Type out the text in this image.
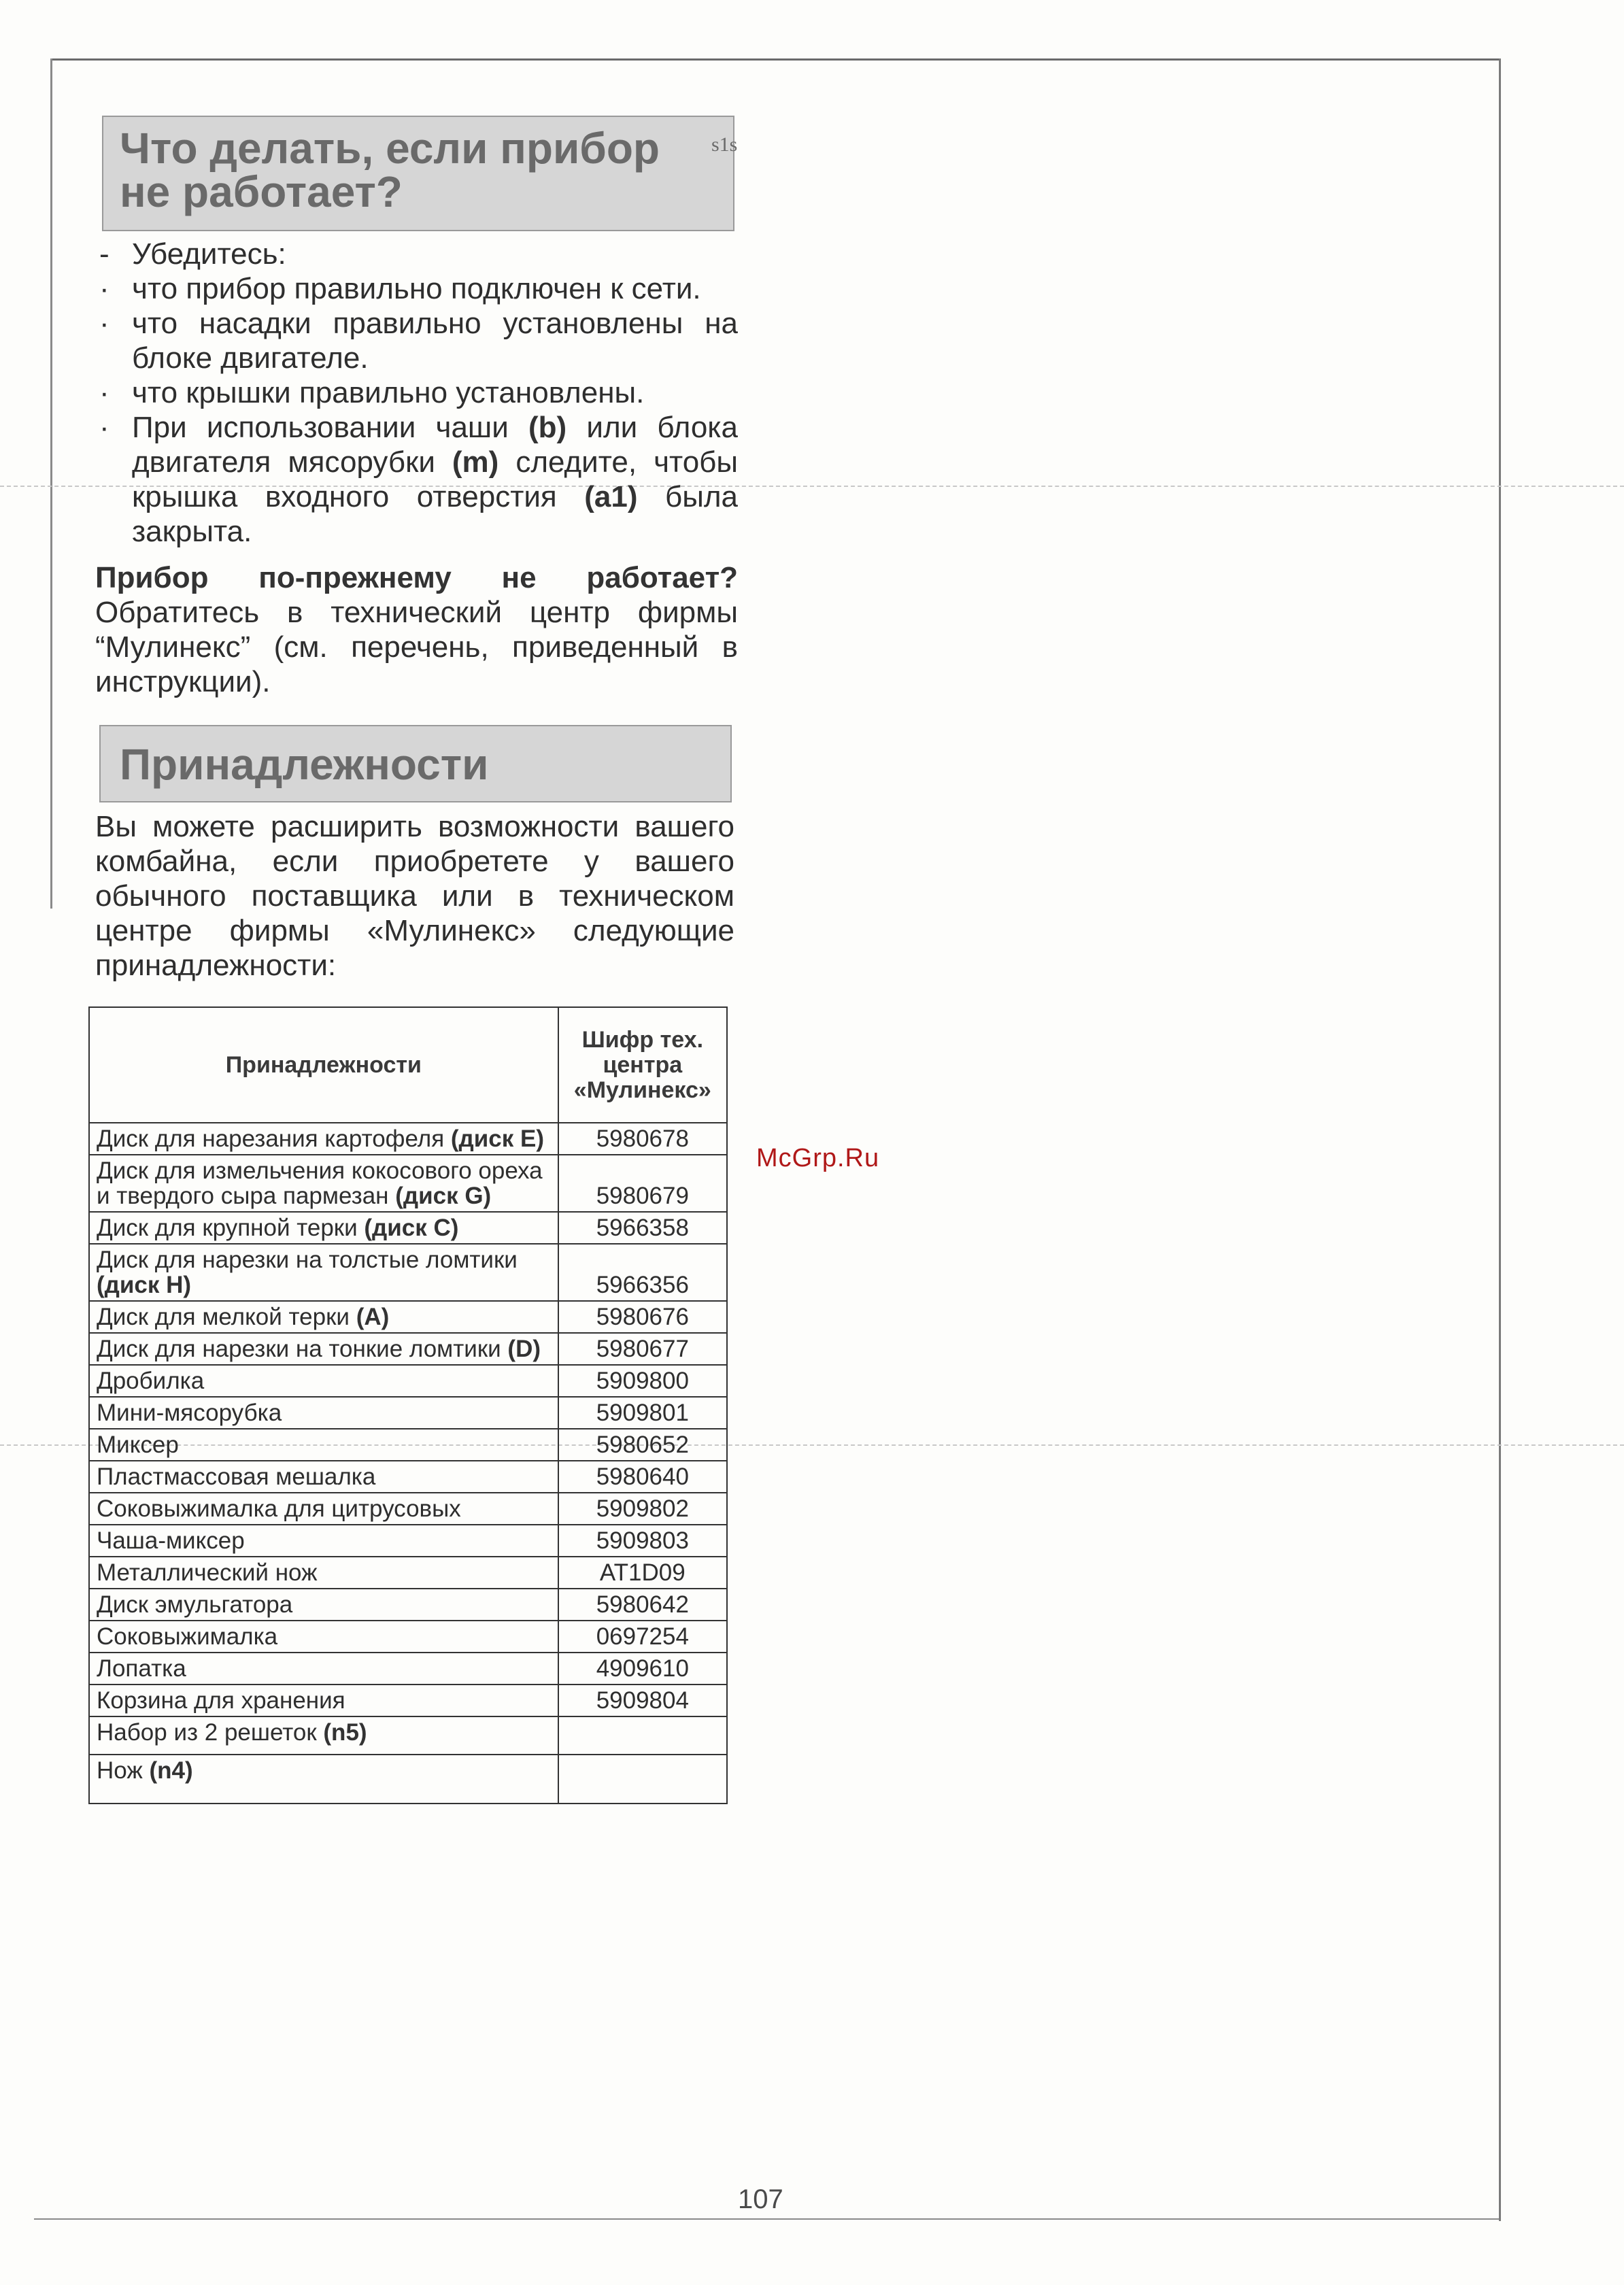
Что делать, если прибор не работает?
s1s
- Убедитесь:
· что прибор правильно подключен к сети.
· что насадки правильно установлены на блоке двигателе.
· что крышки правильно установлены.
· При использовании чаши (b) или блока двигателя мясорубки (m) следите, чтобы крышка входного отверстия (a1) была закрыта.
Прибор по-прежнему не работает? Обратитесь в технический центр фирмы “Мулинекс” (см. перечень, приведенный в инструкции).
Принадлежности
Вы можете расширить возможности вашего комбайна, если приобретете у вашего обычного поставщика или в техническом центре фирмы «Мулинекс» следующие принадлежности:
Принадлежности	Шифр тех. центра «Мулинекс»
Диск для нарезания картофеля (диск E)	5980678
Диск для измельчения кокосового ореха и твердого сыра пармезан (диск G)	5980679
Диск для крупной терки (диск C)	5966358
Диск для нарезки на толстые ломтики (диск H)	5966356
Диск для мелкой терки (A)	5980676
Диск для нарезки на тонкие ломтики (D)	5980677
Дробилка	5909800
Мини-мясорубка	5909801
Миксер	5980652
Пластмассовая мешалка	5980640
Соковыжималка для цитрусовых	5909802
Чаша-миксер	5909803
Металлический нож	AT1D09
Диск эмульгатора	5980642
Соковыжималка	0697254
Лопатка	4909610
Корзина для хранения	5909804
Набор из 2 решеток (n5)	
Нож (n4)	
McGrp.Ru
107
